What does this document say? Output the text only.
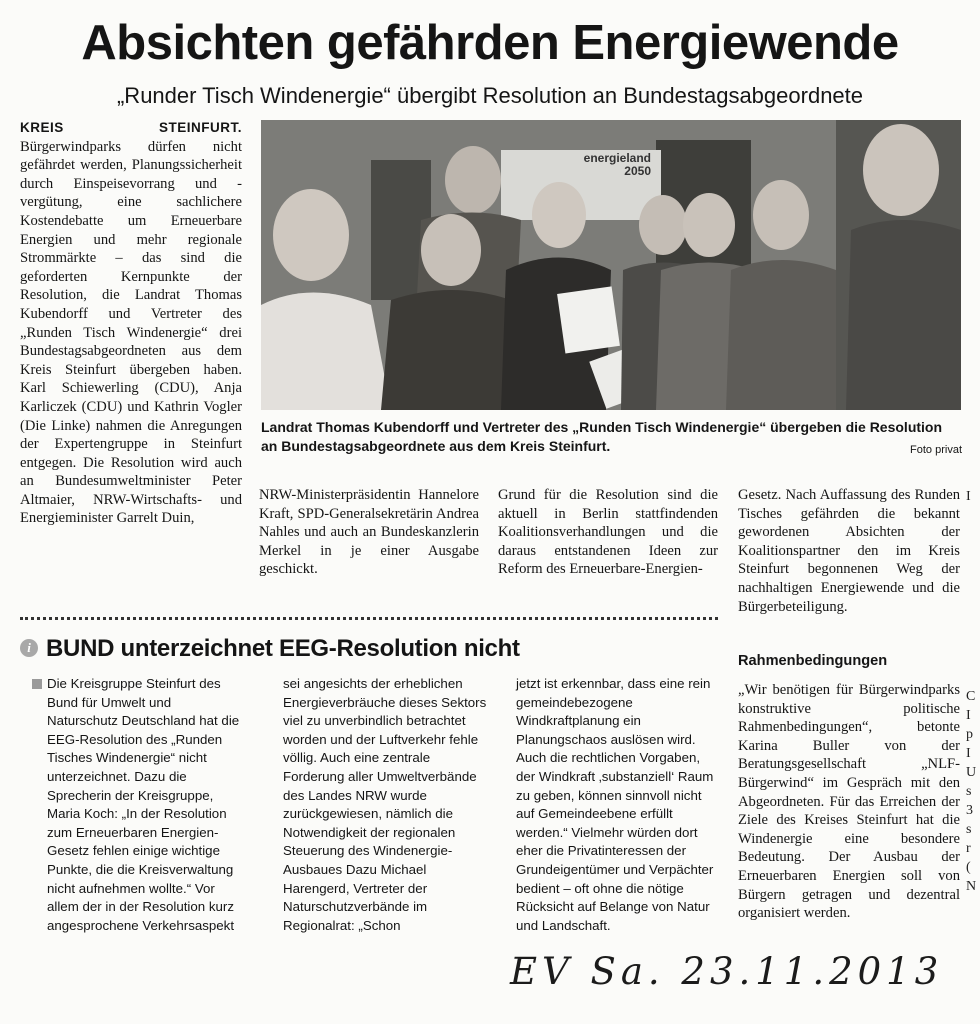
Absichten gefährden Energiewende
„Runder Tisch Windenergie“ übergibt Resolution an Bundestagsabgeordnete
KREIS STEINFURT. Bürgerwindparks dürfen nicht gefährdet werden, Planungssicherheit durch Einspeisevorrang und -vergütung, eine sachlichere Kostendebatte um Erneuerbare Energien und mehr regionale Strommärkte – das sind die geforderten Kernpunkte der Resolution, die Landrat Thomas Kubendorff und Vertreter des „Runden Tisch Windenergie“ drei Bundestagsabgeordneten aus dem Kreis Steinfurt übergeben haben. Karl Schiewerling (CDU), Anja Karliczek (CDU) und Kathrin Vogler (Die Linke) nahmen die Anregungen der Expertengruppe in Steinfurt entgegen. Die Resolution wird auch an Bundesumweltminister Peter Altmaier, NRW-Wirtschafts- und Energieminister Garrelt Duin,
energieland
2050
Landrat Thomas Kubendorff und Vertreter des „Runden Tisch Windenergie“ übergeben die Resolution an Bundestagsabgeordnete aus dem Kreis Steinfurt.	Foto privat
NRW-Ministerpräsidentin Hannelore Kraft, SPD-Generalsekretärin Andrea Nahles und auch an Bundeskanzlerin Merkel in je einer Ausgabe geschickt.
Grund für die Resolution sind die aktuell in Berlin stattfindenden Koalitionsverhandlungen und die daraus entstandenen Ideen zur Reform des Erneuerbare-Energien-
Gesetz. Nach Auffassung des Runden Tisches gefährden die bekannt gewordenen Absichten der Koalitionspartner den im Kreis Steinfurt begonnenen Weg der nachhaltigen Energiewende und die Bürgerbeteiligung.
Rahmenbedingungen
„Wir benötigen für Bürgerwindparks konstruktive politische Rahmenbedingungen“, betonte Karina Buller von der Beratungsgesellschaft „NLF-Bürgerwind“ im Gespräch mit den Abgeordneten. Für das Erreichen der Ziele des Kreises Steinfurt hat die Windenergie eine besondere Bedeutung. Der Ausbau der Erneuerbaren Energien soll von Bürgern getragen und dezentral organisiert werden.
i BUND unterzeichnet EEG-Resolution nicht
Die Kreisgruppe Steinfurt des Bund für Umwelt und Naturschutz Deutschland hat die EEG-Resolution des „Runden Tisches Windenergie“ nicht unterzeichnet. Dazu die Sprecherin der Kreisgruppe, Maria Koch: „In der Resolution zum Erneuerbaren Energien-Gesetz fehlen einige wichtige Punkte, die die Kreisverwaltung nicht aufnehmen wollte.“ Vor allem der in der Resolution kurz angesprochene Verkehrsaspekt
sei angesichts der erheblichen Energieverbräuche dieses Sektors viel zu unverbindlich betrachtet worden und der Luftverkehr fehle völlig. Auch eine zentrale Forderung aller Umweltverbände des Landes NRW wurde zurückgewiesen, nämlich die Notwendigkeit der regionalen Steuerung des Windenergie-Ausbaues Dazu Michael Harengerd, Vertreter der Naturschutzverbände im Regionalrat: „Schon
jetzt ist erkennbar, dass eine rein gemeindebezogene Windkraftplanung ein Planungschaos auslösen wird. Auch die rechtlichen Vorgaben, der Windkraft ‚substanziell‘ Raum zu geben, können sinnvoll nicht auf Gemeindeebene erfüllt werden.“ Vielmehr würden dort eher die Privatinteressen der Grundeigentümer und Verpächter bedient – oft ohne die nötige Rücksicht auf Belange von Natur und Landschaft.
EV Sa. 23.11.2013
I
C
I
p
I
U
s
3
s
r
(
N
